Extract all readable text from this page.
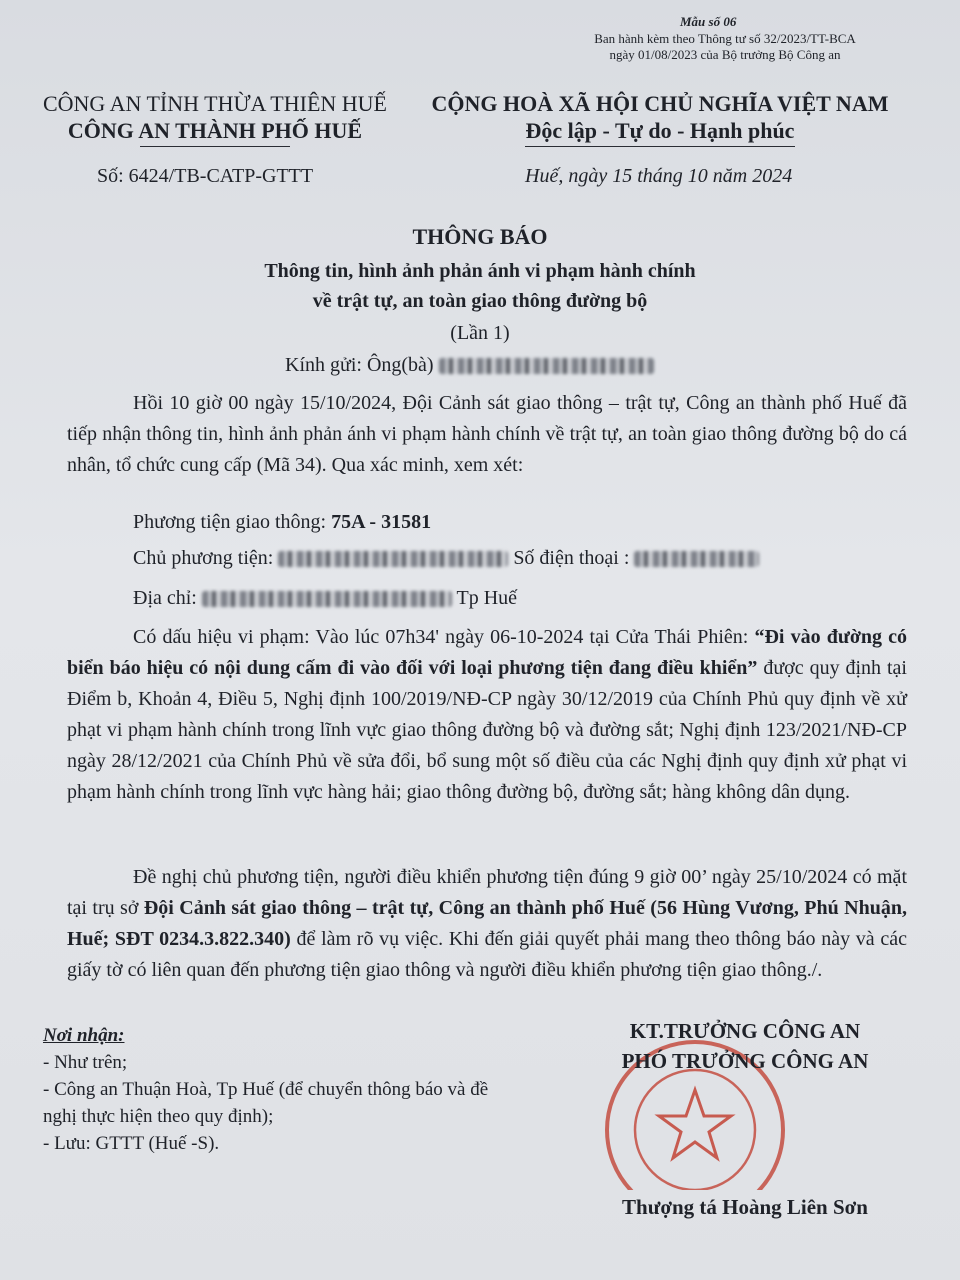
Mẫu số 06
Ban hành kèm theo Thông tư số 32/2023/TT-BCA
ngày 01/08/2023 của Bộ trưởng Bộ Công an
CÔNG AN TỈNH THỪA THIÊN HUẾ
CÔNG AN THÀNH PHỐ HUẾ
CỘNG HOÀ XÃ HỘI CHỦ NGHĨA VIỆT NAM
Độc lập - Tự do - Hạnh phúc
Số: 6424/TB-CATP-GTTT	Huế, ngày 15 tháng 10 năm 2024
THÔNG BÁO
Thông tin, hình ảnh phản ánh vi phạm hành chính
về trật tự, an toàn giao thông đường bộ
(Lần 1)
Kính gửi: Ông(bà)
Hồi 10 giờ 00 ngày 15/10/2024, Đội Cảnh sát giao thông – trật tự, Công an thành phố Huế đã tiếp nhận thông tin, hình ảnh phản ánh vi phạm hành chính về trật tự, an toàn giao thông đường bộ do cá nhân, tổ chức cung cấp (Mã 34). Qua xác minh, xem xét:
Phương tiện giao thông: 75A - 31581
Chủ phương tiện:	Số điện thoại :
Địa chỉ:	Tp Huế
Có dấu hiệu vi phạm: Vào lúc 07h34' ngày 06-10-2024 tại Cửa Thái Phiên: “Đi vào đường có biển báo hiệu có nội dung cấm đi vào đối với loại phương tiện đang điều khiển” được quy định tại Điểm b, Khoản 4, Điều 5, Nghị định 100/2019/NĐ-CP ngày 30/12/2019 của Chính Phủ quy định về xử phạt vi phạm hành chính trong lĩnh vực giao thông đường bộ và đường sắt; Nghị định 123/2021/NĐ-CP ngày 28/12/2021 của Chính Phủ về sửa đổi, bổ sung một số điều của các Nghị định quy định xử phạt vi phạm hành chính trong lĩnh vực hàng hải; giao thông đường bộ, đường sắt; hàng không dân dụng.
Đề nghị chủ phương tiện, người điều khiển phương tiện đúng 9 giờ 00’ ngày 25/10/2024 có mặt tại trụ sở Đội Cảnh sát giao thông – trật tự, Công an thành phố Huế (56 Hùng Vương, Phú Nhuận, Huế; SĐT 0234.3.822.340) để làm rõ vụ việc. Khi đến giải quyết phải mang theo thông báo này và các giấy tờ có liên quan đến phương tiện giao thông và người điều khiển phương tiện giao thông./.
Nơi nhận:
- Như trên;
- Công an Thuận Hoà, Tp Huế (để chuyển thông báo và đề nghị thực hiện theo quy định);
- Lưu: GTTT (Huế -S).
KT.TRƯỞNG CÔNG AN
PHÓ TRƯỞNG CÔNG AN
Thượng tá Hoàng Liên Sơn
